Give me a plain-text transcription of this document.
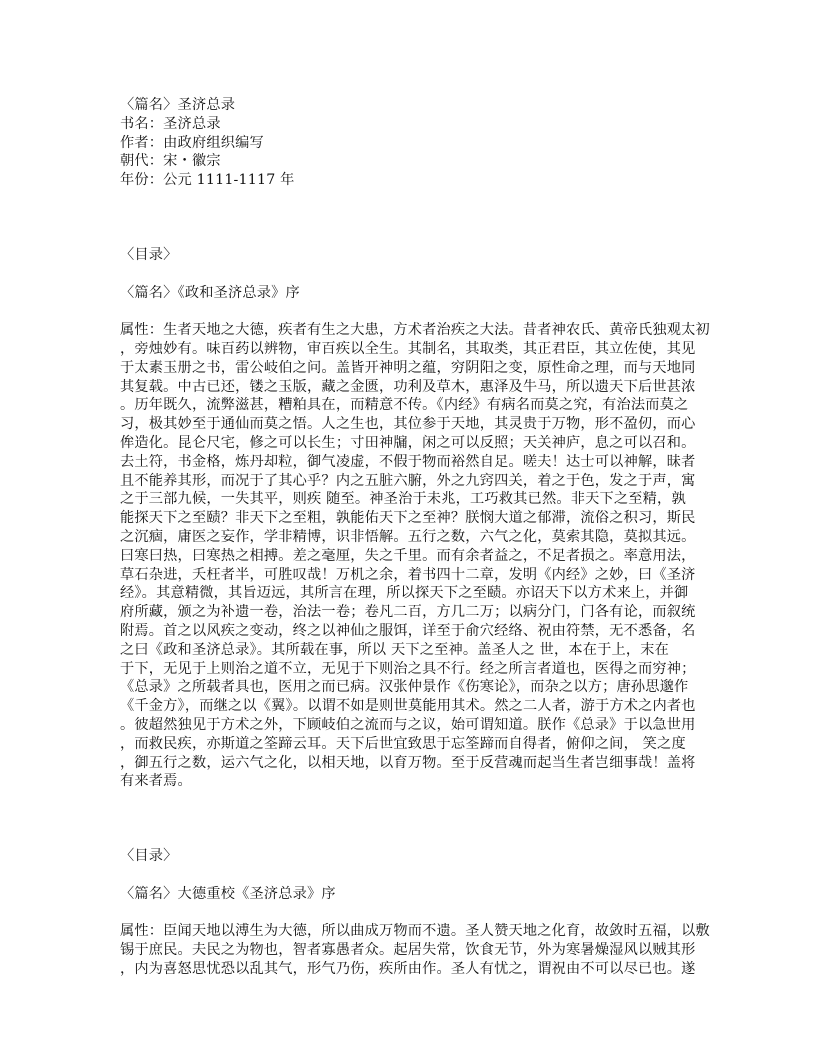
〈篇名〉圣济总录
书名：圣济总录
作者：由政府组织编写
朝代：宋・徽宗
年份：公元 1111-1117 年
〈目录〉
〈篇名〉《政和圣济总录》序
属性：生者天地之大德，疾者有生之大患，方术者治疾之大法。昔者神农氏、黄帝氏独观太初
，旁烛妙有。味百药以辨物，审百疾以全生。其制名，其取类，其正君臣，其立佐使，其见
于太素玉册之书，雷公岐伯之问。盖皆开神明之蕴，穷阴阳之变，原性命之理，而与天地同
其复载。中古已还，镂之玉版，藏之金匮，功利及草木，惠泽及牛马，所以遗天下后世甚浓
。历年既久，流弊滋甚，糟粕具在，而精意不传。《内经》有病名而莫之究，有治法而莫之
习，极其妙至于通仙而莫之悟。人之生也，其位参于天地，其灵贵于万物，形不盈仞，而心
侔造化。昆仑尺宅，修之可以长生；寸田神牖，闲之可以反照；天关神庐，息之可以召和。
去土符，书金格，炼丹却粒，御气凌虚，不假于物而裕然自足。嗟夫！达士可以神解，昧者
且不能养其形，而况于了其心乎？内之五脏六腑，外之九窍四关，着之于色，发之于声，寓
之于三部九候，一失其平，则疾 随至。神圣治于未兆，工巧救其已然。非天下之至精，孰
能探天下之至赜？非天下之至粗，孰能佑天下之至神？朕悯大道之郁滞，流俗之积习，斯民
之沉痼，庸医之妄作，学非精博，识非悟解。五行之数，六气之化，莫索其隐，莫拟其远。
曰寒曰热，曰寒热之相搏。差之毫厘，失之千里。而有余者益之，不足者损之。率意用法，
草石杂进，夭枉者半，可胜叹哉！万机之余，着书四十二章，发明《内经》之妙，曰《圣济
经》。其意精微，其旨迈远，其所言在理，所以探天下之至赜。亦诏天下以方术来上，并御
府所藏，颁之为补遗一卷，治法一卷；卷凡二百，方几二万；以病分门，门各有论，而叙统
附焉。首之以风疾之变动，终之以神仙之服饵，详至于俞穴经络、祝由符禁，无不悉备，名
之曰《政和圣济总录》。其所载在事，所以 天下之至神。盖圣人之 世，本在于上，末在
于下，无见于上则治之道不立，无见于下则治之具不行。经之所言者道也，医得之而穷神；
《总录》之所载者具也，医用之而已病。汉张仲景作《伤寒论》，而杂之以方；唐孙思邈作
《千金方》，而继之以《翼》。以谓不如是则世莫能用其术。然之二人者，游于方术之内者也
。彼超然独见于方术之外，下顾岐伯之流而与之议，始可谓知道。朕作《总录》于以急世用
，而救民疾，亦斯道之筌蹄云耳。天下后世宜致思于忘筌蹄而自得者，俯仰之间， 笑之度
，御五行之数，运六气之化，以相天地，以育万物。至于反营魂而起当生者岂细事哉！盖将
有来者焉。
〈目录〉
〈篇名〉大德重校《圣济总录》序
属性：臣闻天地以溥生为大德，所以曲成万物而不遗。圣人赞天地之化育，故敛时五福，以敷
锡于庶民。夫民之为物也，智者寡愚者众。起居失常，饮食无节，外为寒暑燥湿风以贼其形
，内为喜怒思忧恐以乱其气，形气乃伤，疾所由作。圣人有忧之，谓祝由不可以尽已也。遂
